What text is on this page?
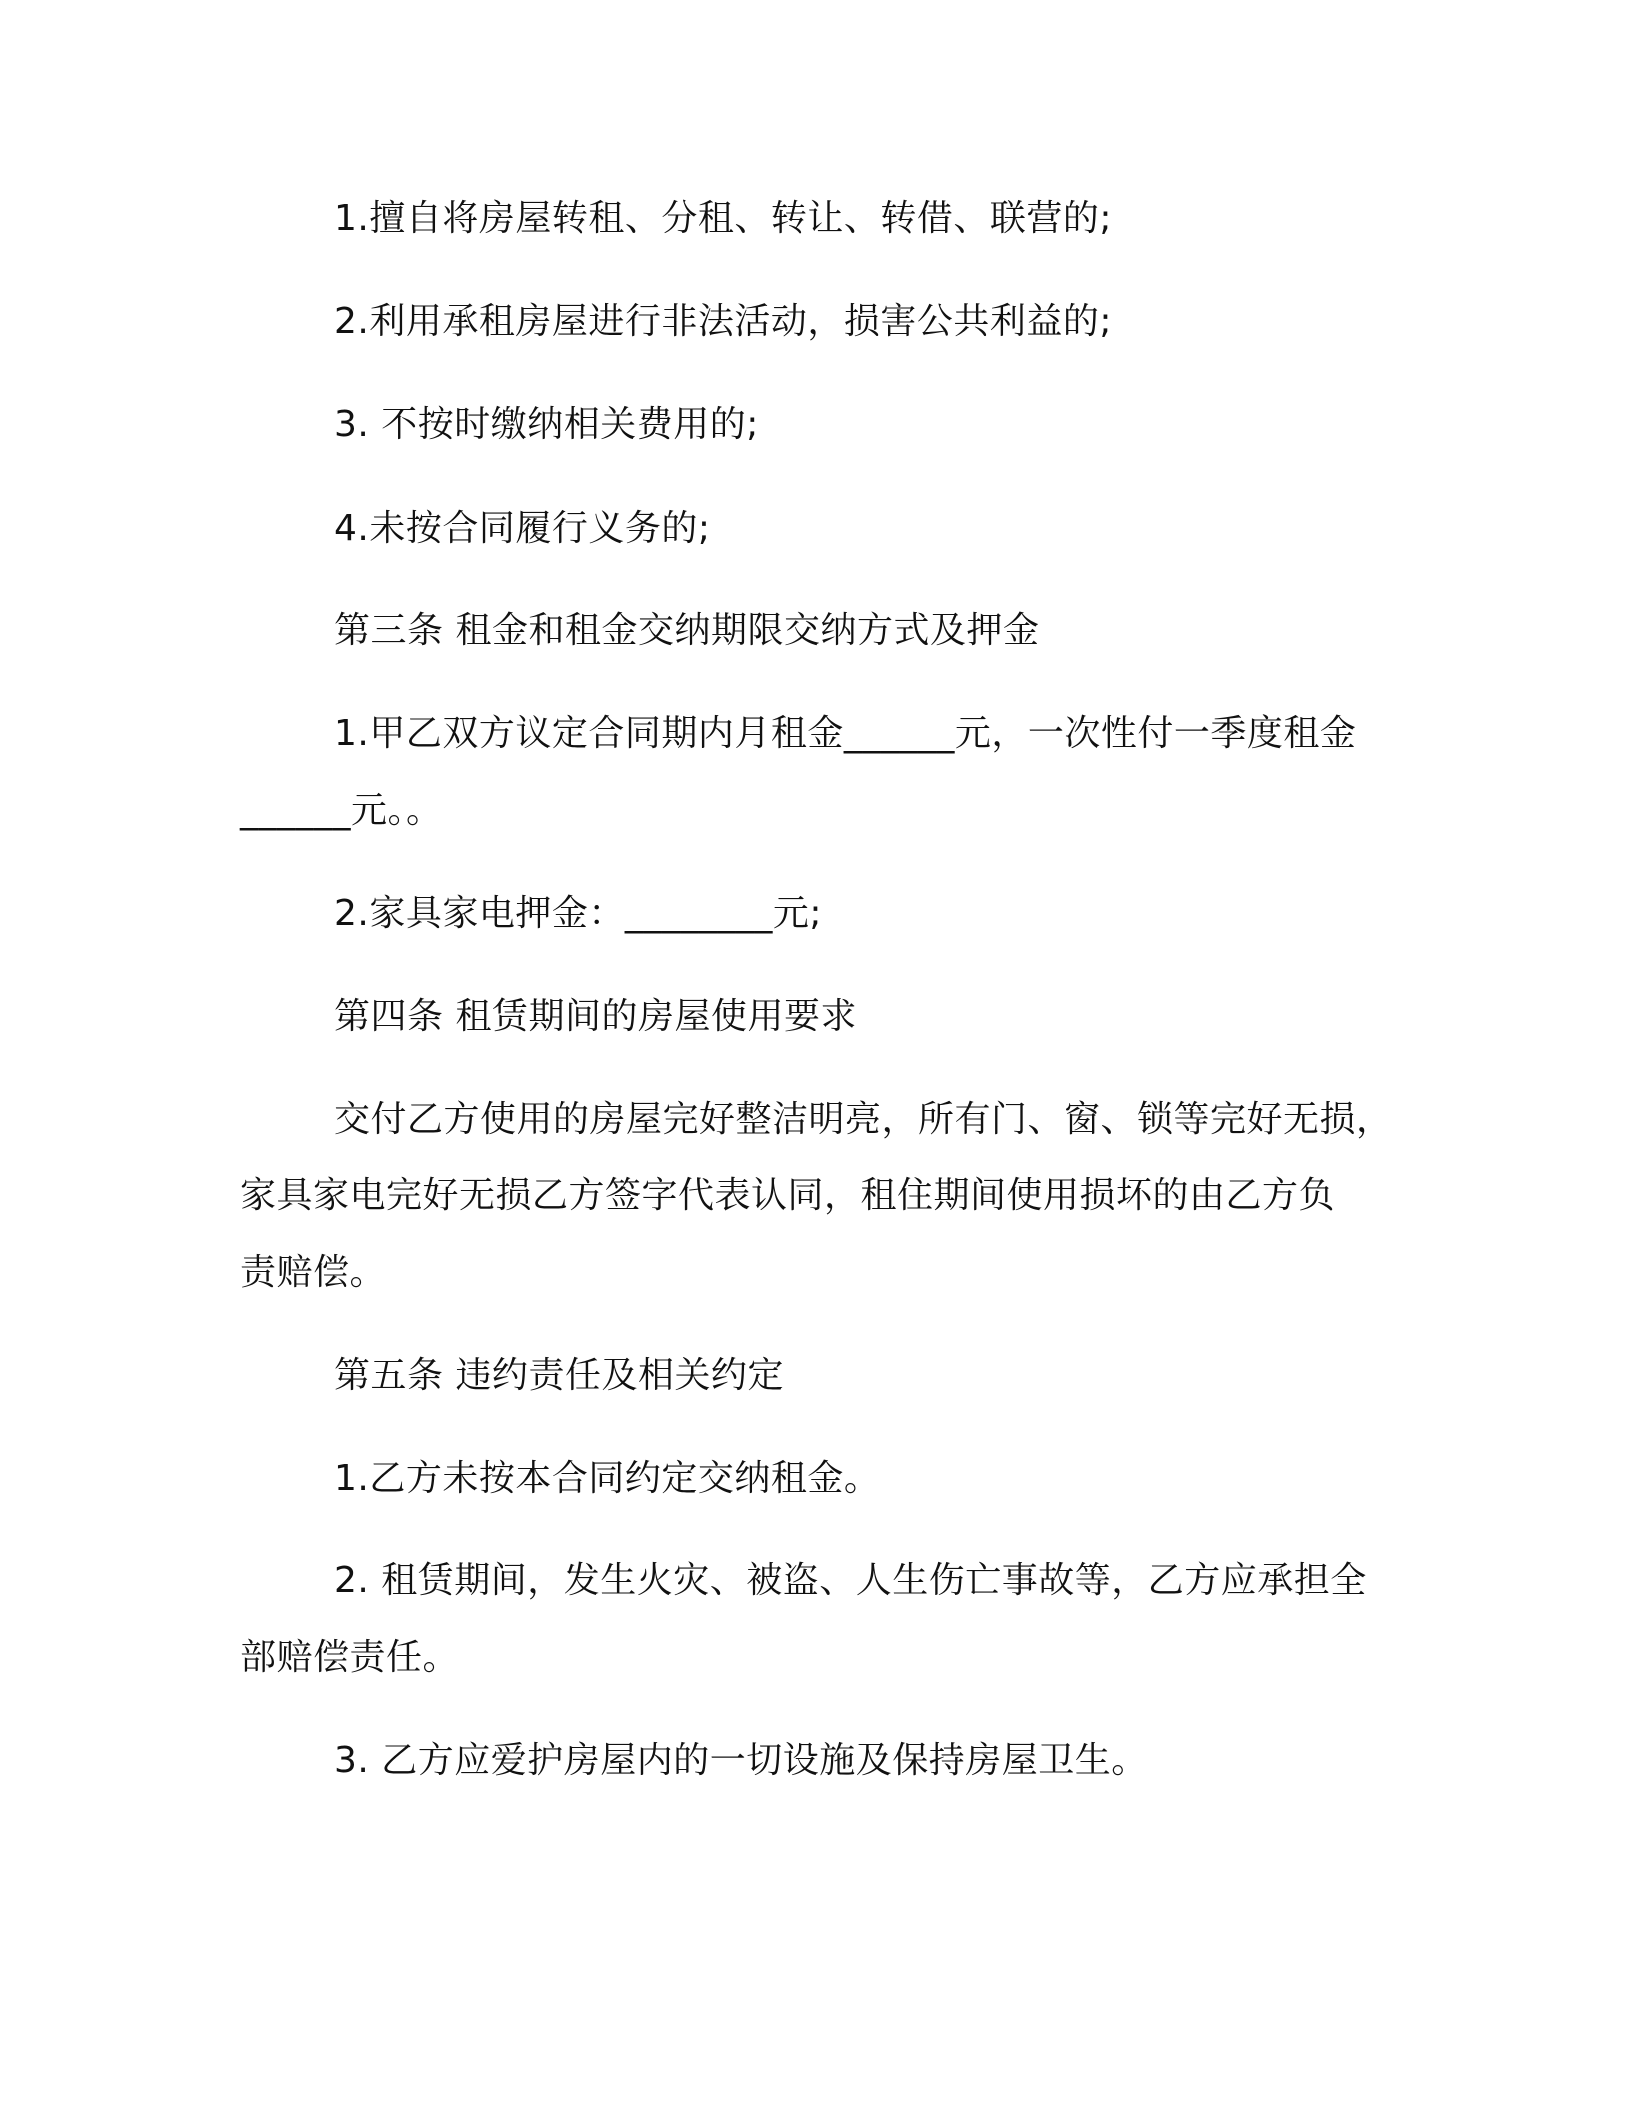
1.擅自将房屋转租、分租、转让、转借、联营的;
2.利用承租房屋进行非法活动，损害公共利益的;
3. 不按时缴纳相关费用的;
4.未按合同履行义务的;
第三条 租金和租金交纳期限交纳方式及押金
1.甲乙双方议定合同期内月租金______元，一次性付一季度租金
______元。。
2.家具家电押金：________元;
第四条 租赁期间的房屋使用要求
交付乙方使用的房屋完好整洁明亮，所有门、窗、锁等完好无损，
家具家电完好无损乙方签字代表认同，租住期间使用损坏的由乙方负
责赔偿。
第五条 违约责任及相关约定
1.乙方未按本合同约定交纳租金。
2. 租赁期间，发生火灾、被盗、人生伤亡事故等，乙方应承担全
部赔偿责任。
3. 乙方应爱护房屋内的一切设施及保持房屋卫生。
